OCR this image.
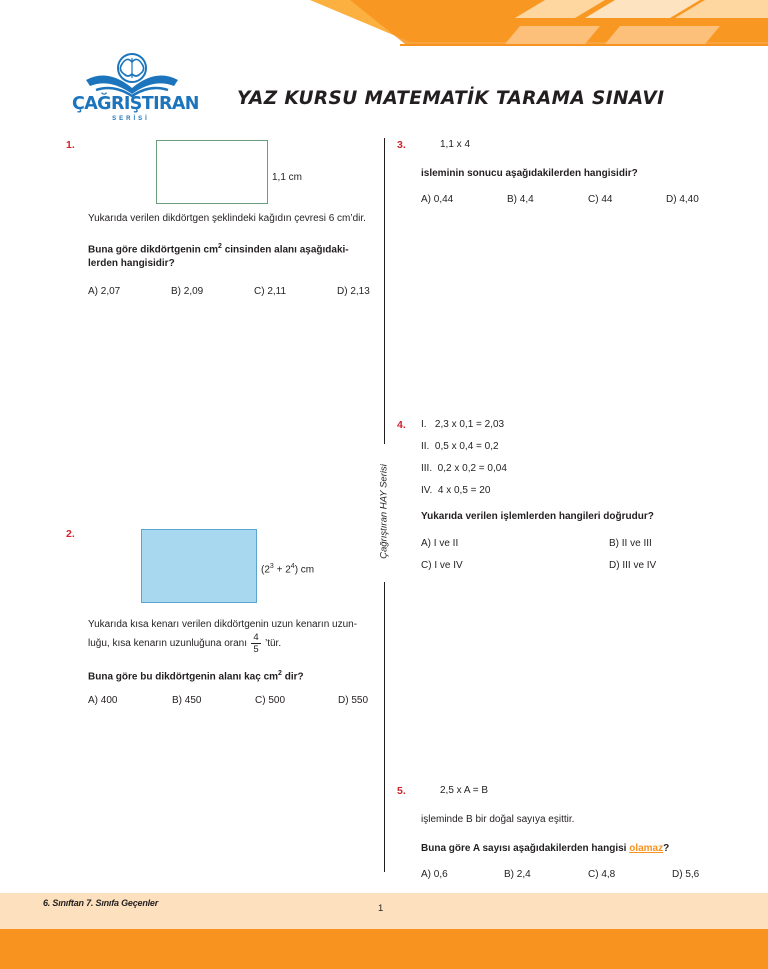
ÇAĞRIŞTIRAN
SERİSİ
YAZ KURSU MATEMATİK TARAMA SINAVI
Çağrıştıran HAY Serisi
1.
1,1 cm
Yukarıda verilen dikdörtgen şeklindeki kağıdın çevresi 6 cm’dir.
Buna göre dikdörtgenin $cm^2$ cinsinden alanı aşağıdaki-
lerden hangisidir?
A) 2,07	B) 2,09	C) 2,11	D) 2,13
2.
$(2^3 + 2^4)$ cm
Yukarıda kısa kenarı verilen dikdörtgenin uzun kenarın uzun-
luğu, kısa kenarın uzunluğuna oranı $\frac{4}{5}$ ’tür.
Buna göre bu dikdörtgenin alanı kaç $cm^2$ dir?
A) 400	B) 450	C) 500	D) 550
3.	1,1 x 4
isleminin sonucu aşağıdakilerden hangisidir?
A) 0,44	B) 4,4	C) 44	D) 4,40
4. I.   2,3 x 0,1 = 2,03
II.  0,5 x 0,4 = 0,2
III.  0,2 x 0,2 = 0,04
IV.  4 x 0,5 = 20
Yukarıda verilen işlemlerden hangileri doğrudur?
A) I ve II	B) II ve III
C) I ve IV	D) III ve IV
5.	2,5 x A = B
işleminde B bir doğal sayıya eşittir.
Buna göre A sayısı aşağıdakilerden hangisi olamaz?
A) 0,6	B) 2,4	C) 4,8	D) 5,6
6. Sınıftan 7. Sınıfa Geçenler	1
